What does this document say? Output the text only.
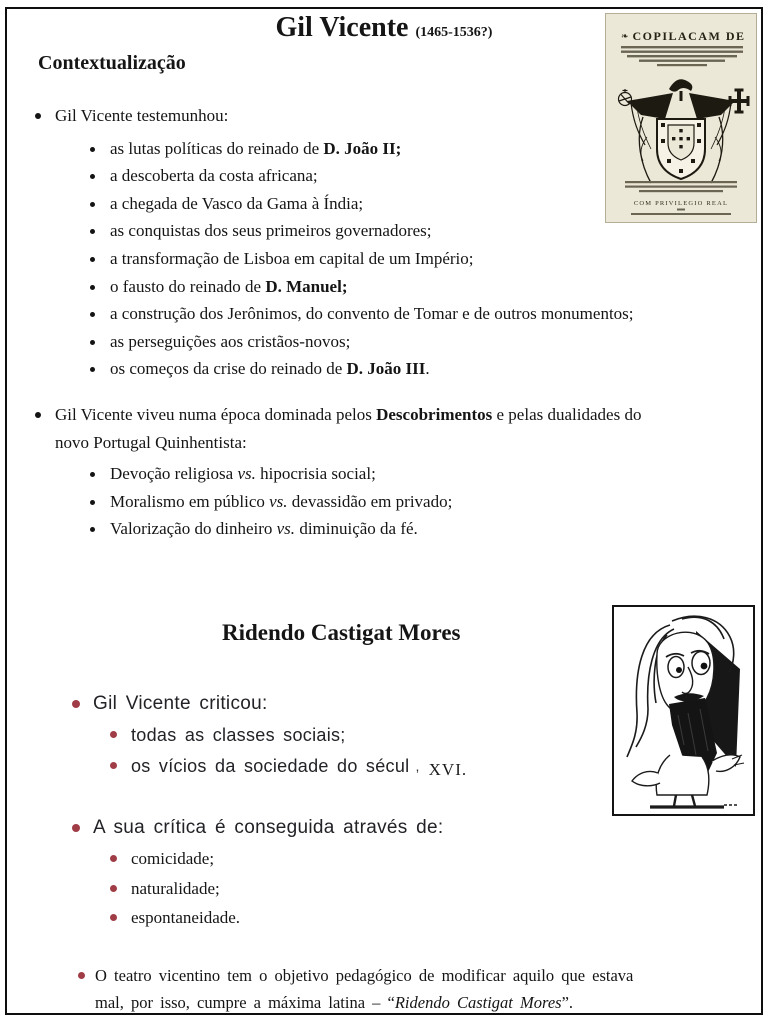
Gil Vicente (1465-1536?)
Contextualização
Gil Vicente testemunhou:
as lutas políticas do reinado de D. João II;
a descoberta da costa africana;
a chegada de Vasco da Gama à Índia;
as conquistas dos seus primeiros governadores;
a transformação de Lisboa em capital de um Império;
o fausto do reinado de D. Manuel;
a construção dos Jerônimos, do convento de Tomar e de outros monumentos;
as perseguições aos cristãos-novos;
os começos da crise do reinado de D. João III.
Gil Vicente viveu numa época dominada pelos Descobrimentos e pelas dualidades do
novo Portugal Quinhentista:
Devoção religiosa vs. hipocrisia social;
Moralismo em público vs. devassidão em privado;
Valorização do dinheiro vs. diminuição da fé.
Ridendo Castigat Mores
Gil Vicente criticou:
todas as classes sociais;
os vícios da sociedade do sécul , XVI.
A sua crítica é conseguida através de:
comicidade;
naturalidade;
espontaneidade.
O teatro vicentino tem o objetivo pedagógico de modificar aquilo que estava
mal, por isso, cumpre a máxima latina – “Ridendo Castigat Mores”.
❧ COPILACAM DE
COM PRIVILEGIO REAL
